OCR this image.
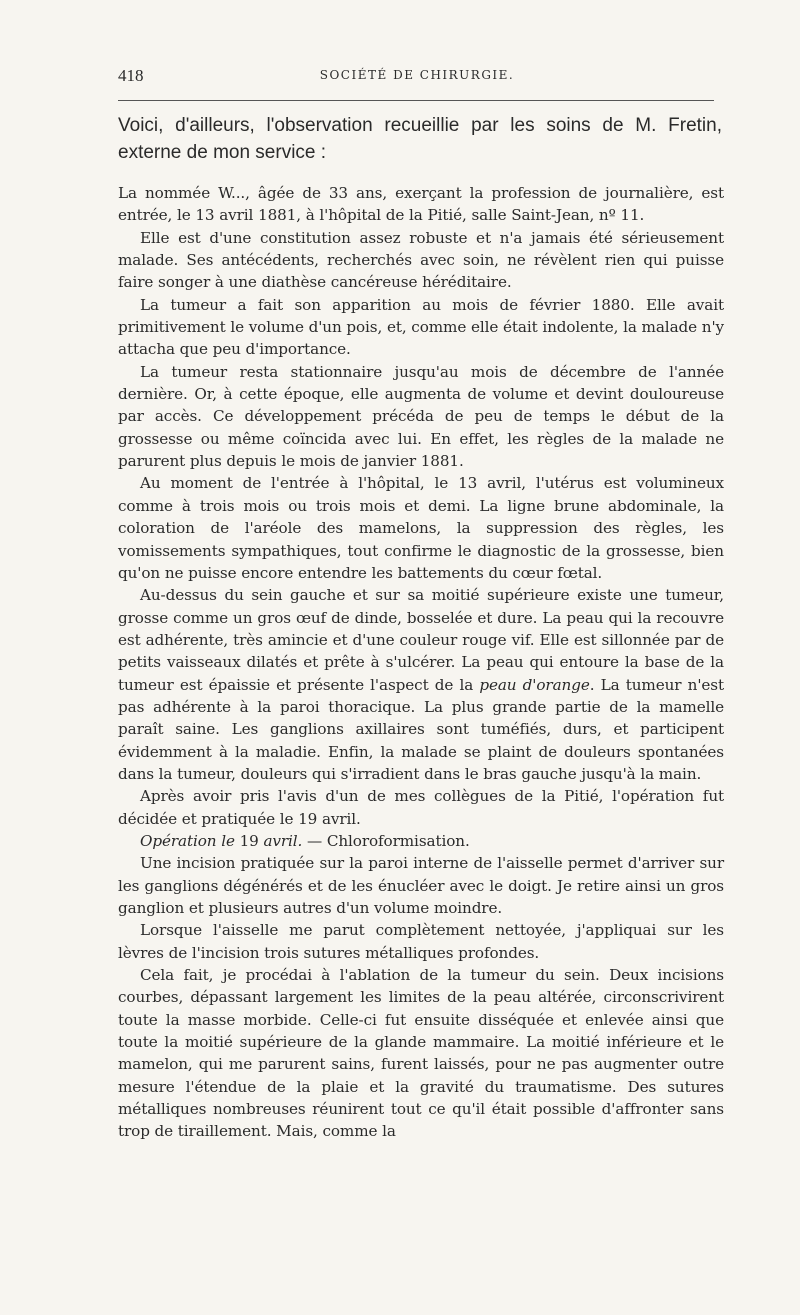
418	SOCIÉTÉ DE CHIRURGIE.

Voici, d'ailleurs, l'observation recueillie par les soins de M. Fretin, externe de mon service :

La nommée W..., âgée de 33 ans, exerçant la profession de journalière, est entrée, le 13 avril 1881, à l'hôpital de la Pitié, salle Saint-Jean, nº 11.

Elle est d'une constitution assez robuste et n'a jamais été sérieusement malade. Ses antécédents, recherchés avec soin, ne révèlent rien qui puisse faire songer à une diathèse cancéreuse héréditaire.

La tumeur a fait son apparition au mois de février 1880. Elle avait primitivement le volume d'un pois, et, comme elle était indolente, la malade n'y attacha que peu d'importance.

La tumeur resta stationnaire jusqu'au mois de décembre de l'année dernière. Or, à cette époque, elle augmenta de volume et devint douloureuse par accès. Ce développement précéda de peu de temps le début de la grossesse ou même coïncida avec lui. En effet, les règles de la malade ne parurent plus depuis le mois de janvier 1881.

Au moment de l'entrée à l'hôpital, le 13 avril, l'utérus est volumineux comme à trois mois ou trois mois et demi. La ligne brune abdominale, la coloration de l'aréole des mamelons, la suppression des règles, les vomissements sympathiques, tout confirme le diagnostic de la grossesse, bien qu'on ne puisse encore entendre les battements du cœur fœtal.

Au-dessus du sein gauche et sur sa moitié supérieure existe une tumeur, grosse comme un gros œuf de dinde, bosselée et dure. La peau qui la recouvre est adhérente, très amincie et d'une couleur rouge vif. Elle est sillonnée par de petits vaisseaux dilatés et prête à s'ulcérer. La peau qui entoure la base de la tumeur est épaissie et présente l'aspect de la peau d'orange. La tumeur n'est pas adhérente à la paroi thoracique. La plus grande partie de la mamelle paraît saine. Les ganglions axillaires sont tuméfiés, durs, et participent évidemment à la maladie. Enfin, la malade se plaint de douleurs spontanées dans la tumeur, douleurs qui s'irradient dans le bras gauche jusqu'à la main.

Après avoir pris l'avis d'un de mes collègues de la Pitié, l'opération fut décidée et pratiquée le 19 avril.

Opération le 19 avril. — Chloroformisation.

Une incision pratiquée sur la paroi interne de l'aisselle permet d'arriver sur les ganglions dégénérés et de les énucléer avec le doigt. Je retire ainsi un gros ganglion et plusieurs autres d'un volume moindre.

Lorsque l'aisselle me parut complètement nettoyée, j'appliquai sur les lèvres de l'incision trois sutures métalliques profondes.

Cela fait, je procédai à l'ablation de la tumeur du sein. Deux incisions courbes, dépassant largement les limites de la peau altérée, circonscrivirent toute la masse morbide. Celle-ci fut ensuite disséquée et enlevée ainsi que toute la moitié supérieure de la glande mammaire. La moitié inférieure et le mamelon, qui me parurent sains, furent laissés, pour ne pas augmenter outre mesure l'étendue de la plaie et la gravité du traumatisme. Des sutures métalliques nombreuses réunirent tout ce qu'il était possible d'affronter sans trop de tiraillement. Mais, comme la
